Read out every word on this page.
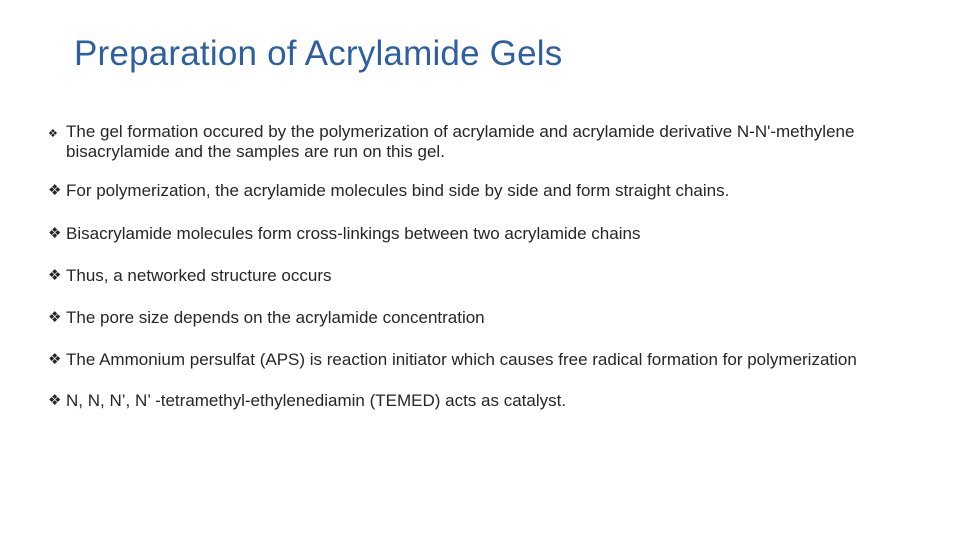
Preparation of Acrylamide Gels
❖ The gel formation occured by the polymerization of acrylamide and acrylamide derivative N-N'-methylene bisacrylamide and the samples are run on this gel.
❖ For polymerization, the acrylamide molecules bind side by side and form straight chains.
❖ Bisacrylamide molecules form cross-linkings between two acrylamide chains
❖ Thus, a networked structure occurs
❖ The pore size depends on the acrylamide concentration
❖ The Ammonium persulfat (APS) is reaction initiator which causes free radical formation for polymerization
❖ N, N, N’, N’ -tetramethyl-ethylenediamin (TEMED) acts as catalyst.
